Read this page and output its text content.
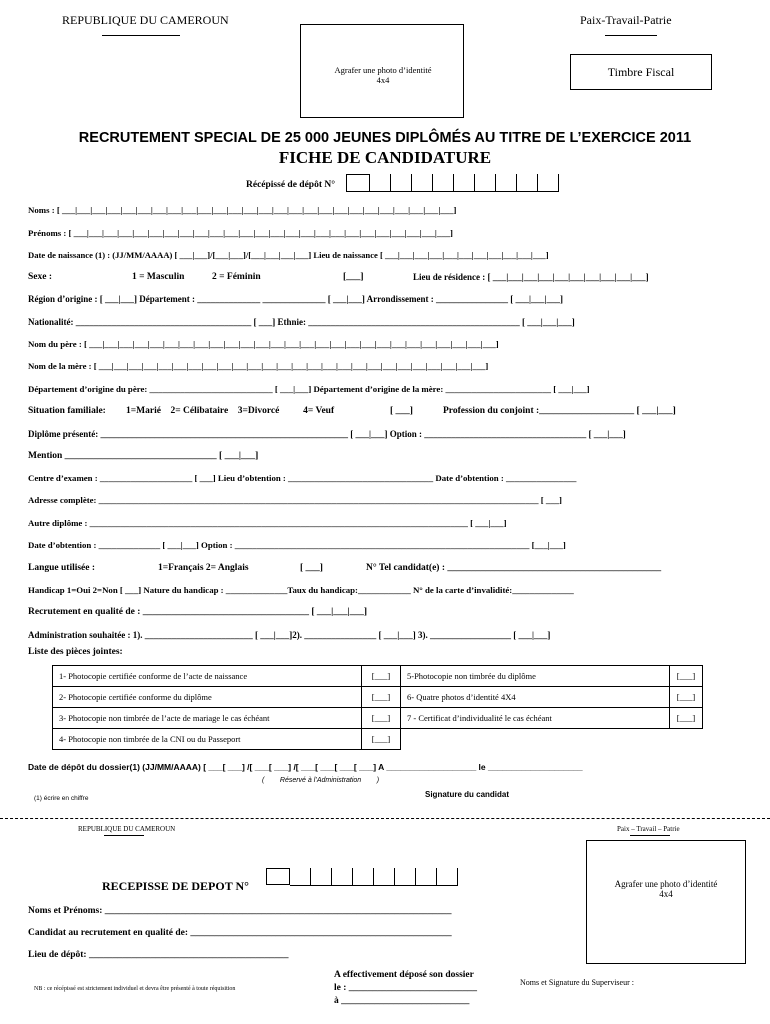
REPUBLIQUE DU CAMEROUN	Paix-Travail-Patrie
Agrafer une photo d’identité 4x4
Timbre Fiscal
RECRUTEMENT SPECIAL DE 25 000 JEUNES DIPLÔMÉS AU TITRE DE L’EXERCICE 2011
FICHE DE CANDIDATURE
Récépissé de dépôt N°
Noms : [ ___|___|___|___|___|___|___|___|___|___|___|___|___|___|___|___|___|___|___|___|___|___|___|___|___|___]
Prénoms : [ ___|___|___|___|___|___|___|___|___|___|___|___|___|___|___|___|___|___|___|___|___|___|___|___|___]
Date de naissance (1) : (JJ/MM/AAAA) [ ___|___]/[___|___]/[___|___|___|___] Lieu de naissance [ ___|___|___|___|___|___|___|___|___|___|___]
Sexe :	1 = Masculin	2 = Féminin	[___]	Lieu de résidence : [ ___|___|___|___|___|___|___|___|___|___]
Région d’origine : [ ___|___] Département : ______________ ______________ [ ___|___] Arrondissement : ________________ [ ___|___|___]
Nationalité: _______________________________________ [ ___] Ethnie: _______________________________________________ [ ___|___|___]
Nom du père : [ ___|___|___|___|___|___|___|___|___|___|___|___|___|___|___|___|___|___|___|___|___|___|___|___|___|___|___]
Nom de la mère : [ ___|___|___|___|___|___|___|___|___|___|___|___|___|___|___|___|___|___|___|___|___|___|___|___|___|___]
Département d’origine du père: ____________________________ [ ___|___] Département d’origine de la mère: ________________________ [ ___|___]
Situation familiale: 1=Marié    2= Célibataire    3=Divorcé          4= Veuf	[ ___]	Profession du conjoint :____________________ [ ___|___]
Diplôme présenté: _______________________________________________________ [ ___|___] Option : ____________________________________ [ ___|___]
Mention ________________________________ [ ___|___]
Centre d’examen : _____________________ [ ___] Lieu d’obtention : _________________________________ Date d’obtention : ________________
Adresse complète: ____________________________________________________________________________________________________ [ ___]
Autre diplôme : ______________________________________________________________________________________ [ ___|___]
Date d’obtention : ______________ [ ___|___] Option : ___________________________________________________________________ [___|___]
Langue utilisée :	1=Français 2= Anglais	[ ___]	N° Tel candidat(e) : _____________________________________________
Handicap 1=Oui 2=Non [ ___] Nature du handicap : ______________Taux du handicap:____________ N° de la carte d’invalidité:______________
Recrutement en qualité de : ___________________________________ [ ___|___|___]
Administration souhaitée : 1). ________________________ [ ___|___]2). ________________ [ ___|___] 3). __________________ [ ___|___]
Liste des pièces jointes:
1- Photocopie certifiée conforme de l’acte de naissance	[___]	5-Photocopie non timbrée du diplôme	[___]
2- Photocopie certifiée conforme du diplôme	[___]	6- Quatre photos d’identité 4X4	[___]
3- Photocopie non timbrée de l’acte de mariage le cas échéant	[___]	7 - Certificat d’individualité le cas échéant	[___]
4- Photocopie non timbrée de la CNI ou du Passeport	[___]		
Date de dépôt du dossier(1) (JJ/MM/AAAA) [ ___[ ___] /[ ___[ ___] /[ ___[ ___[ ___[ ___] A ___________________ le ____________________
(        Réservé à l’Administration        )
Signature du candidat
(1) écrire en chiffre
REPUBLIQUE DU CAMEROUN	Paix – Travail – Patrie
Agrafer une photo d’identité 4x4
RECEPISSE DE DEPOT N°
Noms et Prénoms: _________________________________________________________________________
Candidat au recrutement en qualité de: _______________________________________________________
Lieu de dépôt: __________________________________________
A effectivement déposé son dossier
le : ___________________________
à ___________________________
Noms et Signature du Superviseur :
NB : ce récépissé est strictement individuel et devra être présenté à toute réquisition
